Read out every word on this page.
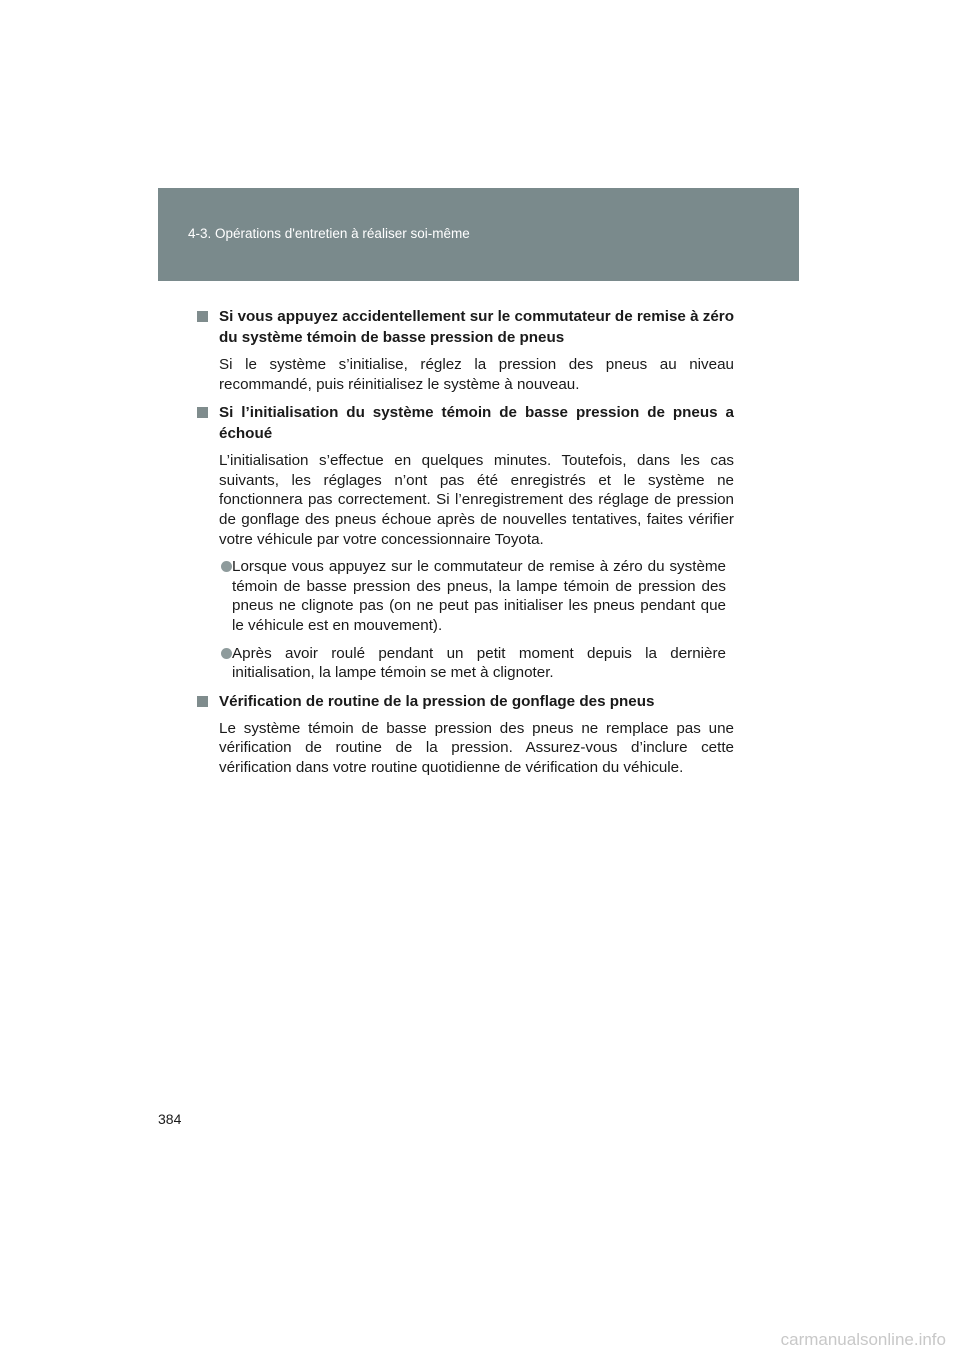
4-3. Opérations d'entretien à réaliser soi-même
Si vous appuyez accidentellement sur le commutateur de remise à zéro du système témoin de basse pression de pneus
Si le système s’initialise, réglez la pression des pneus au niveau recommandé, puis réinitialisez le système à nouveau.
Si l’initialisation du système témoin de basse pression de pneus a échoué
L’initialisation s’effectue en quelques minutes. Toutefois, dans les cas suivants, les réglages n’ont pas été enregistrés et le système ne fonctionnera pas correctement. Si l’enregistrement des réglage de pression de gonflage des pneus échoue après de nouvelles tentatives, faites vérifier votre véhicule par votre concessionnaire Toyota.
Lorsque vous appuyez sur le commutateur de remise à zéro du système témoin de basse pression des pneus, la lampe témoin de pression des pneus ne clignote pas (on ne peut pas initialiser les pneus pendant que le véhicule est en mouvement).
Après avoir roulé pendant un petit moment depuis la dernière initialisation, la lampe témoin se met à clignoter.
Vérification de routine de la pression de gonflage des pneus
Le système témoin de basse pression des pneus ne remplace pas une vérification de routine de la pression. Assurez-vous d’inclure cette vérification dans votre routine quotidienne de vérification du véhicule.
384
carmanualsonline.info
